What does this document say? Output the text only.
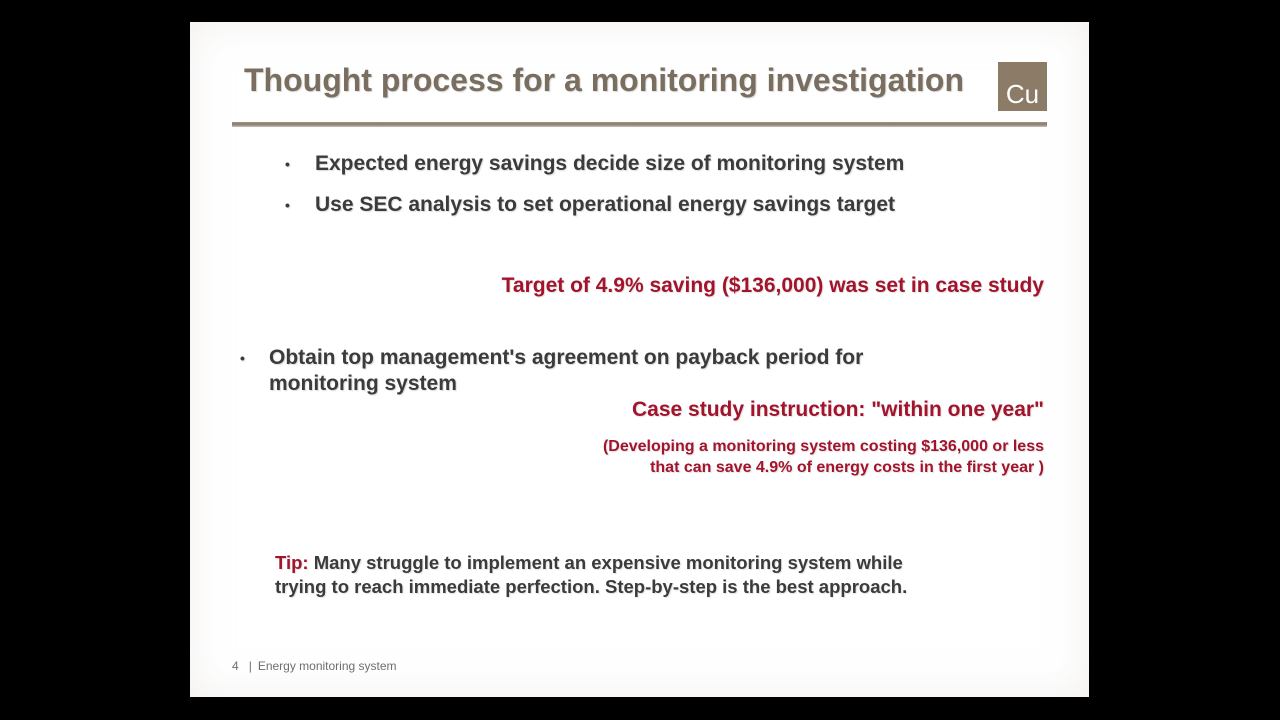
Thought process for a monitoring investigation	Cu
•	Expected energy savings decide size of monitoring system
•	Use SEC analysis to set operational energy savings target
Target of 4.9% saving ($136,000) was set in case study
•	Obtain top management's agreement on payback period for
monitoring system
Case study instruction: "within one year"
(Developing a monitoring system costing $136,000 or less
that can save 4.9% of energy costs in the first year )
Tip: Many struggle to implement an expensive monitoring system while
trying to reach immediate perfection. Step-by-step is the best approach.
4 | Energy monitoring system
